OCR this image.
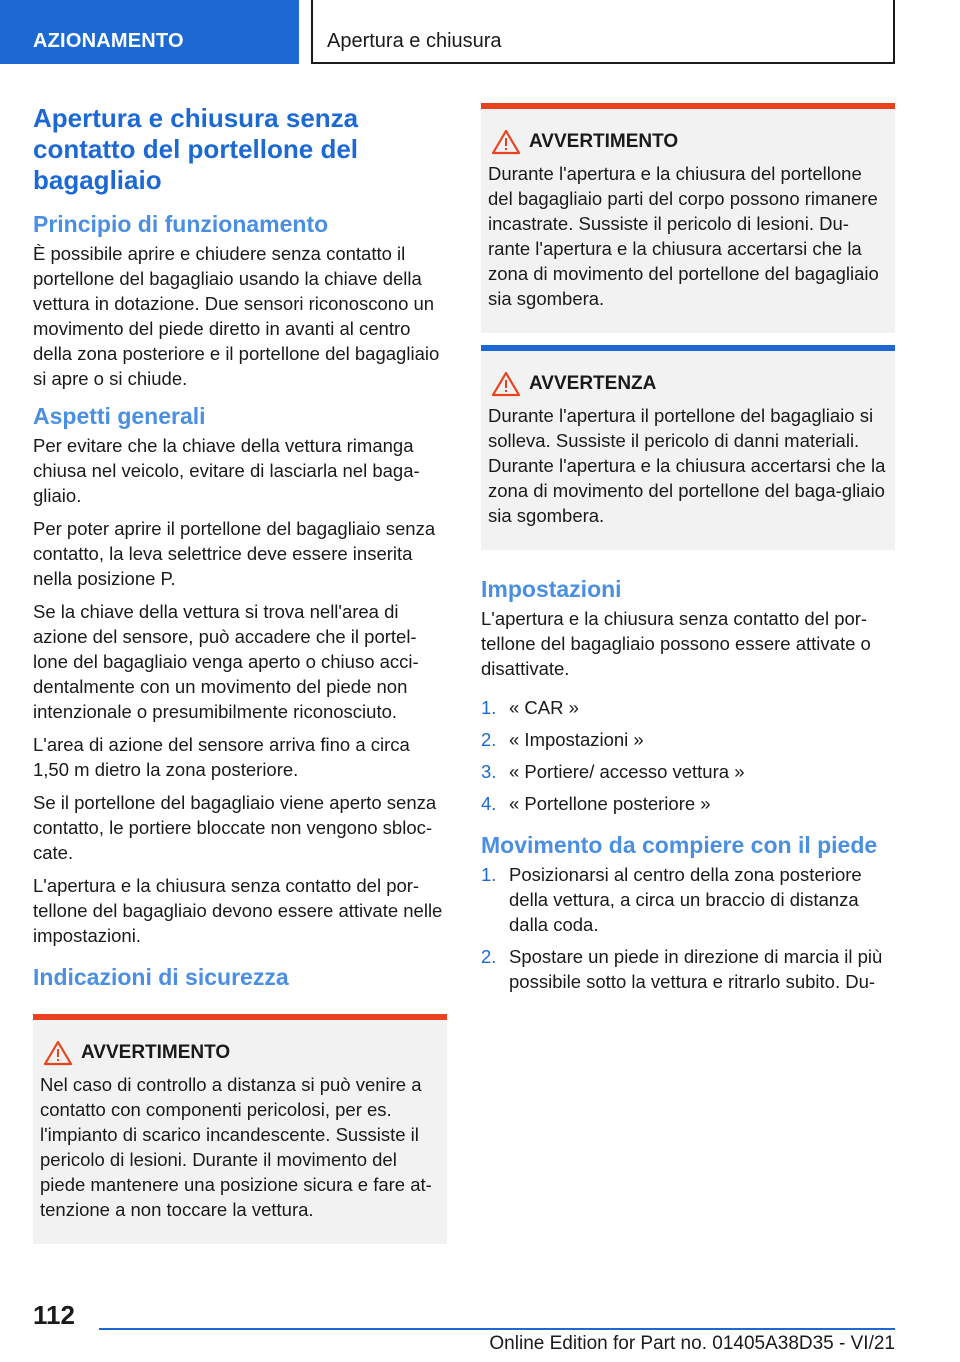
AZIONAMENTO	Apertura e chiusura
Apertura e chiusura senza contatto del portellone del bagagliaio
Principio di funzionamento

È possibile aprire e chiudere senza contatto il portellone del bagagliaio usando la chiave della vettura in dotazione. Due sensori riconoscono un movimento del piede diretto in avanti al centro della zona posteriore e il portellone del bagagliaio si apre o si chiude.

Aspetti generali

Per evitare che la chiave della vettura rimanga chiusa nel veicolo, evitare di lasciarla nel baga-gliaio.

Per poter aprire il portellone del bagagliaio senza contatto, la leva selettrice deve essere inserita nella posizione P.

Se la chiave della vettura si trova nell'area di azione del sensore, può accadere che il portel-lone del bagagliaio venga aperto o chiuso acci-dentalmente con un movimento del piede non intenzionale o presumibilmente riconosciuto.

L'area di azione del sensore arriva fino a circa 1,50 m dietro la zona posteriore.

Se il portellone del bagagliaio viene aperto senza contatto, le portiere bloccate non vengono sbloc-cate.

L'apertura e la chiusura senza contatto del por-tellone del bagagliaio devono essere attivate nelle impostazioni.

Indicazioni di sicurezza
AVVERTIMENTO
Nel caso di controllo a distanza si può venire a contatto con componenti pericolosi, per es. l'impianto di scarico incandescente. Sussiste il pericolo di lesioni. Durante il movimento del piede mantenere una posizione sicura e fare at-tenzione a non toccare la vettura.
AVVERTIMENTO
Durante l'apertura e la chiusura del portellone del bagagliaio parti del corpo possono rimanere incastrate. Sussiste il pericolo di lesioni. Du-rante l'apertura e la chiusura accertarsi che la zona di movimento del portellone del bagagliaio sia sgombera.
AVVERTENZA
Durante l'apertura il portellone del bagagliaio si solleva. Sussiste il pericolo di danni materiali. Durante l'apertura e la chiusura accertarsi che la zona di movimento del portellone del baga-gliaio sia sgombera.
Impostazioni

L'apertura e la chiusura senza contatto del por-tellone del bagagliaio possono essere attivate o disattivate.

1. « CAR »
2. « Impostazioni »
3. « Portiere/ accesso vettura »
4. « Portellone posteriore »
Movimento da compiere con il piede
1. Posizionarsi al centro della zona posteriore della vettura, a circa un braccio di distanza dalla coda.
2. Spostare un piede in direzione di marcia il più possibile sotto la vettura e ritrarlo subito. Du-
112
Online Edition for Part no. 01405A38D35 - VI/21
